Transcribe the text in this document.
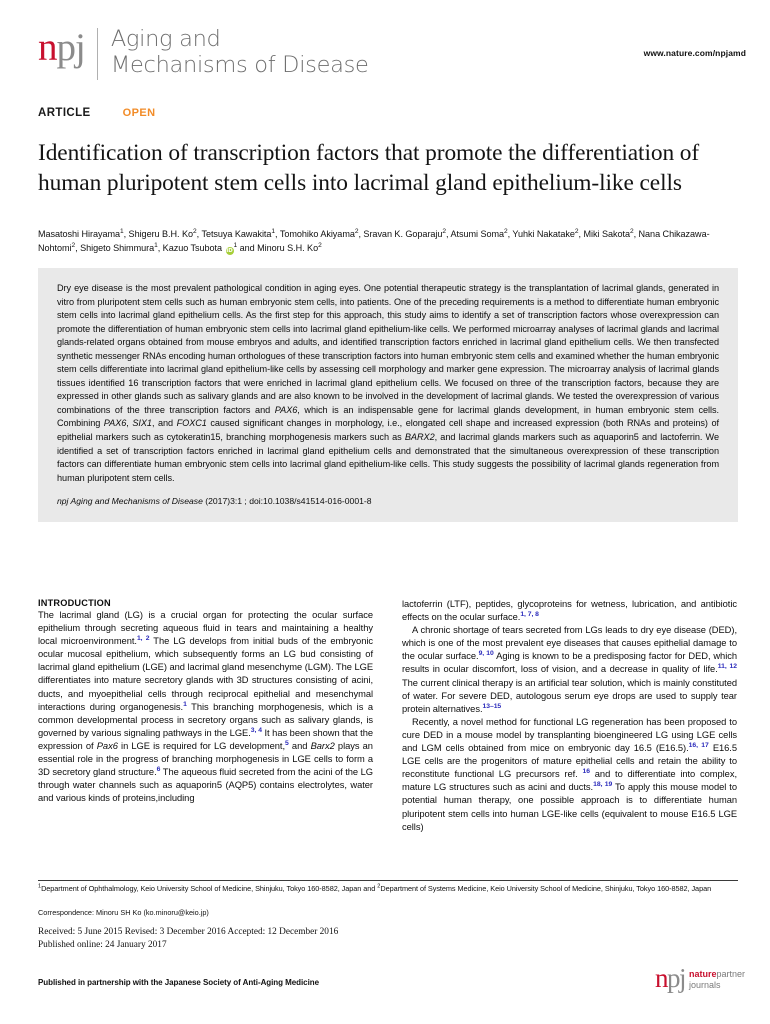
npj Aging and
Mechanisms of Disease	www.nature.com/npjamd
ARTICLE	OPEN
Identification of transcription factors that promote the differentiation of human pluripotent stem cells into lacrimal gland epithelium-like cells
Masatoshi Hirayama$^1$, Shigeru B.H. Ko$^2$, Tetsuya Kawakita$^1$, Tomohiko Akiyama$^2$, Sravan K. Goparaju$^2$, Atsumi Soma$^2$, Yuhki Nakatake$^2$, Miki Sakota$^2$, Nana Chikazawa-Nohtomi$^2$, Shigeto Shimmura$^1$, Kazuo Tsubota $iD^1$ and Minoru S.H. Ko$^2$

Dry eye disease is the most prevalent pathological condition in aging eyes. One potential therapeutic strategy is the transplantation of lacrimal glands, generated in vitro from pluripotent stem cells such as human embryonic stem cells, into patients. One of the preceding requirements is a method to differentiate human embryonic stem cells into lacrimal gland epithelium cells. As the first step for this approach, this study aims to identify a set of transcription factors whose overexpression can promote the differentiation of human embryonic stem cells into lacrimal gland epithelium-like cells. We performed microarray analyses of lacrimal glands and lacrimal glands-related organs obtained from mouse embryos and adults, and identified transcription factors enriched in lacrimal gland epithelium cells. We then transfected synthetic messenger RNAs encoding human orthologues of these transcription factors into human embryonic stem cells and examined whether the human embryonic stem cells differentiate into lacrimal gland epithelium-like cells by assessing cell morphology and marker gene expression. The microarray analysis of lacrimal glands tissues identified 16 transcription factors that were enriched in lacrimal gland epithelium cells. We focused on three of the transcription factors, because they are expressed in other glands such as salivary glands and are also known to be involved in the development of lacrimal glands. We tested the overexpression of various combinations of the three transcription factors and PAX6, which is an indispensable gene for lacrimal glands development, in human embryonic stem cells. Combining PAX6, SIX1, and FOXC1 caused significant changes in morphology, i.e., elongated cell shape and increased expression (both RNAs and proteins) of epithelial markers such as cytokeratin15, branching morphogenesis markers such as BARX2, and lacrimal glands markers such as aquaporin5 and lactoferrin. We identified a set of transcription factors enriched in lacrimal gland epithelium cells and demonstrated that the simultaneous overexpression of these transcription factors can differentiate human embryonic stem cells into lacrimal gland epithelium-like cells. This study suggests the possibility of lacrimal glands regeneration from human pluripotent stem cells.

npj Aging and Mechanisms of Disease (2017)3:1 ; doi:10.1038/s41514-016-0001-8

INTRODUCTION

The lacrimal gland (LG) is a crucial organ for protecting the ocular surface epithelium through secreting aqueous fluid in tears and maintaining a healthy local microenvironment.$^{1, 2}$ The LG develops from initial buds of the embryonic ocular mucosal epithelium, which subsequently forms an LG bud consisting of lacrimal gland epithelium (LGE) and lacrimal gland mesenchyme (LGM). The LGE differentiates into mature secretory glands with 3D structures consisting of acini, ducts, and myoepithelial cells through reciprocal epithelial and mesenchymal interactions during organogenesis.$^1$ This branching morphogenesis, which is a common developmental process in secretory organs such as salivary glands, is governed by various signaling pathways in the LGE.$^{3, 4}$ It has been shown that the expression of Pax6 in LGE is required for LG development,$^5$ and Barx2 plays an essential role in the progress of branching morphogenesis in LGE cells to form a 3D secretory gland structure.$^6$ The aqueous fluid secreted from the acini of the LG through water channels such as aquaporin5 (AQP5) contains electrolytes, water and various kinds of proteins,including

lactoferrin (LTF), peptides, glycoproteins for wetness, lubrication, and antibiotic effects on the ocular surface.$^{1, 7, 8}$

A chronic shortage of tears secreted from LGs leads to dry eye disease (DED), which is one of the most prevalent eye diseases that causes epithelial damage to the ocular surface.$^{9, 10}$ Aging is known to be a predisposing factor for DED, which results in ocular discomfort, loss of vision, and a decrease in quality of life.$^{11, 12}$ The current clinical therapy is an artificial tear solution, which is mainly constituted of water. For severe DED, autologous serum eye drops are used to supply tear protein alternatives.$^{13-15}$

Recently, a novel method for functional LG regeneration has been proposed to cure DED in a mouse model by transplanting bioengineered LG using LGE cells and LGM cells obtained from mice on embryonic day 16.5 (E16.5).$^{16, 17}$ E16.5 LGE cells are the progenitors of mature epithelial cells and retain the ability to reconstitute functional LG precursors ref. $^{16}$ and to differentiate into complex, mature LG structures such as acini and ducts.$^{18, 19}$ To apply this mouse model to potential human therapy, one possible approach is to differentiate human pluripotent stem cells into human LGE-like cells (equivalent to mouse E16.5 LGE cells)

$^1$Department of Ophthalmology, Keio University School of Medicine, Shinjuku, Tokyo 160-8582, Japan and $^2$Department of Systems Medicine, Keio University School of Medicine, Shinjuku, Tokyo 160-8582, Japan
Correspondence: Minoru SH Ko (ko.minoru@keio.jp)
Received: 5 June 2015 Revised: 3 December 2016 Accepted: 12 December 2016
Published online: 24 January 2017
Published in partnership with the Japanese Society of Anti-Aging Medicine	npj naturepartner
journals
